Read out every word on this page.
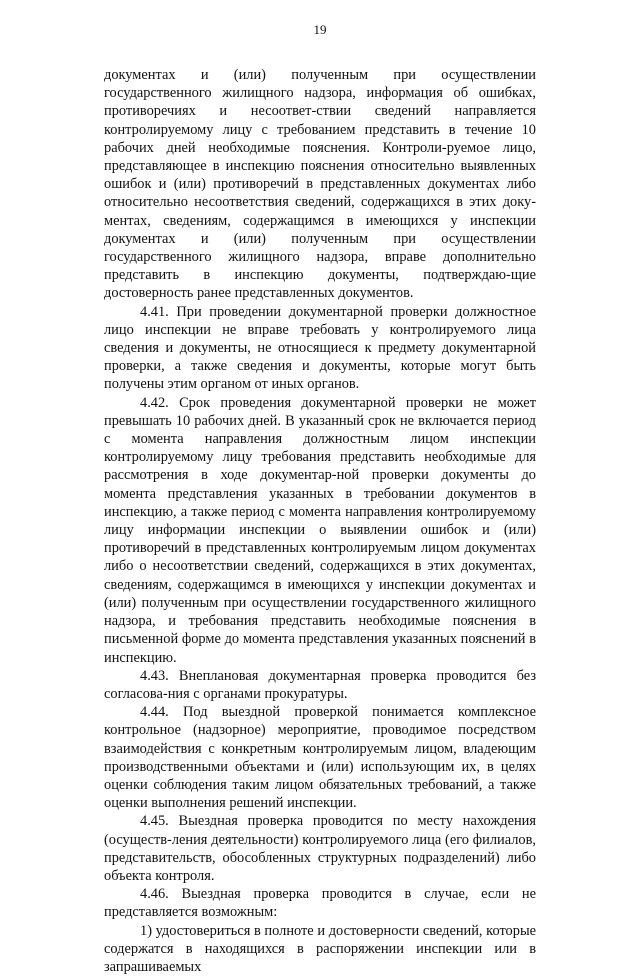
19

документах и (или) полученным при осуществлении государственного жилищного надзора, информация об ошибках, противоречиях и несоответ-ствии сведений направляется контролируемому лицу с требованием представить в течение 10 рабочих дней необходимые пояснения. Контроли-руемое лицо, представляющее в инспекцию пояснения относительно выявленных ошибок и (или) противоречий в представленных документах либо относительно несоответствия сведений, содержащихся в этих доку-ментах, сведениям, содержащимся в имеющихся у инспекции документах и (или) полученным при осуществлении государственного жилищного надзора, вправе дополнительно представить в инспекцию документы, подтверждаю-щие достоверность ранее представленных документов.

4.41. При проведении документарной проверки должностное лицо инспекции не вправе требовать у контролируемого лица сведения и документы, не относящиеся к предмету документарной проверки, а также сведения и документы, которые могут быть получены этим органом от иных органов.

4.42. Срок проведения документарной проверки не может превышать 10 рабочих дней. В указанный срок не включается период с момента направления должностным лицом инспекции контролируемому лицу требования представить необходимые для рассмотрения в ходе документар-ной проверки документы до момента представления указанных в требовании документов в инспекцию, а также период с момента направления контролируемому лицу информации инспекции о выявлении ошибок и (или) противоречий в представленных контролируемым лицом документах либо о несоответствии сведений, содержащихся в этих документах, сведениям, содержащимся в имеющихся у инспекции документах и (или) полученным при осуществлении государственного жилищного надзора, и требования представить необходимые пояснения в письменной форме до момента представления указанных пояснений в инспекцию.

4.43. Внеплановая документарная проверка проводится без согласова-ния с органами прокуратуры.

4.44. Под выездной проверкой понимается комплексное контрольное (надзорное) мероприятие, проводимое посредством взаимодействия с конкретным контролируемым лицом, владеющим производственными объектами и (или) использующим их, в целях оценки соблюдения таким лицом обязательных требований, а также оценки выполнения решений инспекции.

4.45. Выездная проверка проводится по месту нахождения (осуществ-ления деятельности) контролируемого лица (его филиалов, представительств, обособленных структурных подразделений) либо объекта контроля.

4.46. Выездная проверка проводится в случае, если не представляется возможным:

1) удостовериться в полноте и достоверности сведений, которые содержатся в находящихся в распоряжении инспекции или в запрашиваемых
